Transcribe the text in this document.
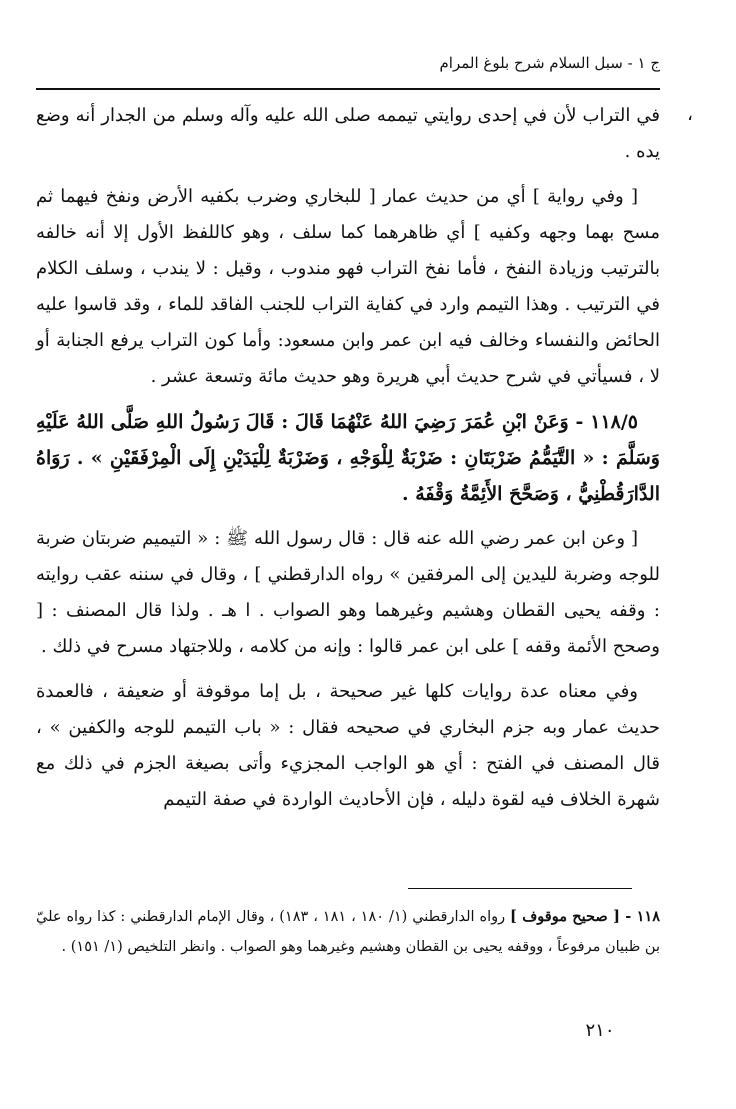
ج ١ - سبل السلام شرح بلوغ المرام
،

في التراب لأن في إحدى روايتي تيممه صلى الله عليه وآله وسلم من الجدار أنه وضع يده .

[ وفي رواية ] أي من حديث عمار [ للبخاري وضرب بكفيه الأرض ونفخ فيهما ثم مسح بهما وجهه وكفيه ] أي ظاهرهما كما سلف ، وهو كاللفظ الأول إلا أنه خالفه بالترتيب وزيادة النفخ ، فأما نفخ التراب فهو مندوب ، وقيل : لا يندب ، وسلف الكلام في الترتيب . وهذا التيمم وارد في كفاية التراب للجنب الفاقد للماء ، وقد قاسوا عليه الحائض والنفساء وخالف فيه ابن عمر وابن مسعود: وأما كون التراب يرفع الجنابة أو لا ، فسيأتي في شرح حديث أبي هريرة وهو حديث مائة وتسعة عشر .

١١٨/٥ - وَعَنْ ابْنِ عُمَرَ رَضِيَ اللهُ عَنْهُمَا قَالَ : قَالَ رَسُولُ اللهِ صَلَّى اللهُ عَلَيْهِ وَسَلَّمَ : « التَّيَمُّمُ ضَرْبَتَانِ : ضَرْبَةٌ لِلْوَجْهِ ، وَضَرْبَةٌ لِلْيَدَيْنِ إِلَى الْمِرْفَقَيْنِ » . رَوَاهُ الدَّارَقُطْنِيُّ ، وَصَحَّحَ الأَئِمَّةُ وَقْفَهُ .

[ وعن ابن عمر رضي الله عنه قال : قال رسول الله ﷺ : « التيميم ضربتان ضربة للوجه وضربة لليدين إلى المرفقين » رواه الدارقطني ] ، وقال في سننه عقب روايته : وقفه يحيى القطان وهشيم وغيرهما وهو الصواب . ا هـ . ولذا قال المصنف : [ وصحح الأئمة وقفه ] على ابن عمر قالوا : وإنه من كلامه ، وللاجتهاد مسرح في ذلك .

وفي معناه عدة روايات كلها غير صحيحة ، بل إما موقوفة أو ضعيفة ، فالعمدة حديث عمار وبه جزم البخاري في صحيحه فقال : « باب التيمم للوجه والكفين » ، قال المصنف في الفتح : أي هو الواجب المجزيء وأتى بصيغة الجزم في ذلك مع شهرة الخلاف فيه لقوة دليله ، فإن الأحاديث الواردة في صفة التيمم

١١٨ - [ صحيح موقوف ] رواه الدارقطني (١/ ١٨٠ ، ١٨١ ، ١٨٣) ، وقال الإمام الدارقطني : كذا رواه عليّ بن ظبيان مرفوعاً ، ووقفه يحيى بن القطان وهشيم وغيرهما وهو الصواب . وانظر التلخيص (١/ ١٥١) .
٢١٠
